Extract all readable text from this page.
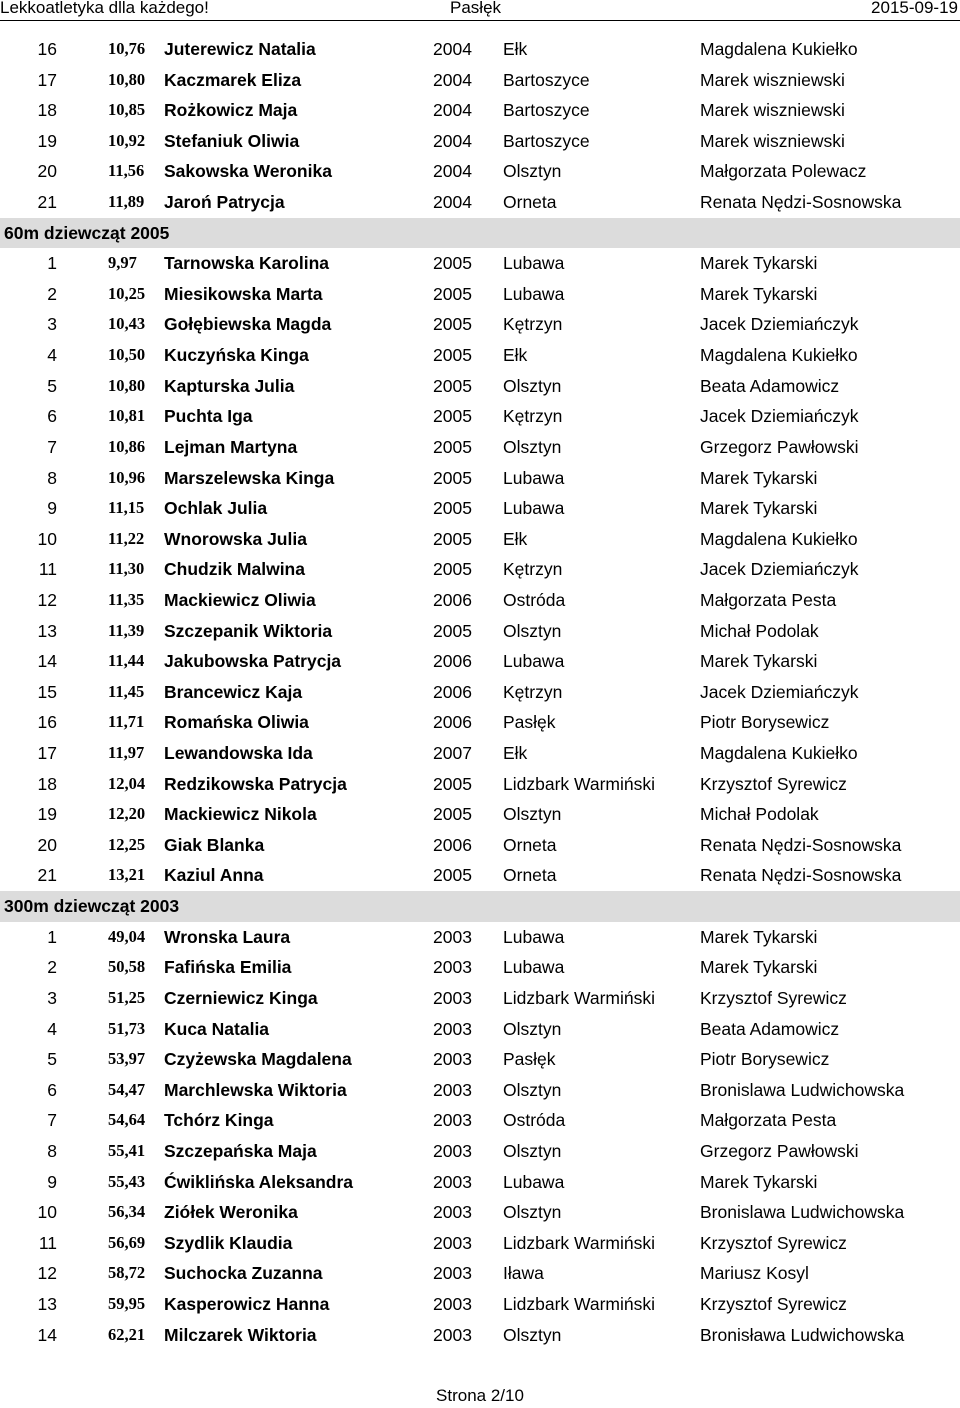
Lekkoatletyka dlla każdego!	Pasłęk	2015-09-19
16	10,76 Juterewicz Natalia	2004 Ełk	Magdalena Kukiełko
17	10,80 Kaczmarek Eliza	2004 Bartoszyce	Marek wiszniewski
18	10,85 Rożkowicz Maja	2004 Bartoszyce	Marek wiszniewski
19	10,92 Stefaniuk Oliwia	2004 Bartoszyce	Marek wiszniewski
20	11,56 Sakowska Weronika	2004 Olsztyn	Małgorzata Polewacz
21	11,89 Jaroń Patrycja	2004 Orneta	Renata Nędzi-Sosnowska
60m dziewcząt 2005
1	9,97 Tarnowska Karolina	2005 Lubawa	Marek Tykarski
2	10,25 Miesikowska Marta	2005 Lubawa	Marek Tykarski
3	10,43 Gołębiewska Magda	2005 Kętrzyn	Jacek Dziemiańczyk
4	10,50 Kuczyńska Kinga	2005 Ełk	Magdalena Kukiełko
5	10,80 Kapturska Julia	2005 Olsztyn	Beata Adamowicz
6	10,81 Puchta Iga	2005 Kętrzyn	Jacek Dziemiańczyk
7	10,86 Lejman Martyna	2005 Olsztyn	Grzegorz Pawłowski
8	10,96 Marszelewska Kinga	2005 Lubawa	Marek Tykarski
9	11,15 Ochlak Julia	2005 Lubawa	Marek Tykarski
10	11,22 Wnorowska Julia	2005 Ełk	Magdalena Kukiełko
11	11,30 Chudzik Malwina	2005 Kętrzyn	Jacek Dziemiańczyk
12	11,35 Mackiewicz Oliwia	2006 Ostróda	Małgorzata Pesta
13	11,39 Szczepanik Wiktoria	2005 Olsztyn	Michał Podolak
14	11,44 Jakubowska Patrycja	2006 Lubawa	Marek Tykarski
15	11,45 Brancewicz Kaja	2006 Kętrzyn	Jacek Dziemiańczyk
16	11,71 Romańska Oliwia	2006 Pasłęk	Piotr Borysewicz
17	11,97 Lewandowska Ida	2007 Ełk	Magdalena Kukiełko
18	12,04 Redzikowska Patrycja	2005 Lidzbark Warmiński	Krzysztof Syrewicz
19	12,20 Mackiewicz Nikola	2005 Olsztyn	Michał Podolak
20	12,25 Giak Blanka	2006 Orneta	Renata Nędzi-Sosnowska
21	13,21 Kaziul Anna	2005 Orneta	Renata Nędzi-Sosnowska
300m dziewcząt 2003
1	49,04 Wronska Laura	2003 Lubawa	Marek Tykarski
2	50,58 Fafińska Emilia	2003 Lubawa	Marek Tykarski
3	51,25 Czerniewicz Kinga	2003 Lidzbark Warmiński	Krzysztof Syrewicz
4	51,73 Kuca Natalia	2003 Olsztyn	Beata Adamowicz
5	53,97 Czyżewska Magdalena	2003 Pasłęk	Piotr Borysewicz
6	54,47 Marchlewska Wiktoria	2003 Olsztyn	Bronislawa Ludwichowska
7	54,64 Tchórz Kinga	2003 Ostróda	Małgorzata Pesta
8	55,41 Szczepańska Maja	2003 Olsztyn	Grzegorz Pawłowski
9	55,43 Ćwiklińska Aleksandra	2003 Lubawa	Marek Tykarski
10	56,34 Ziółek Weronika	2003 Olsztyn	Bronislawa Ludwichowska
11	56,69 Szydlik Klaudia	2003 Lidzbark Warmiński	Krzysztof Syrewicz
12	58,72 Suchocka Zuzanna	2003 Iława	Mariusz Kosyl
13	59,95 Kasperowicz Hanna	2003 Lidzbark Warmiński	Krzysztof Syrewicz
14	62,21 Milczarek Wiktoria	2003 Olsztyn	Bronisława Ludwichowska
Strona 2/10
